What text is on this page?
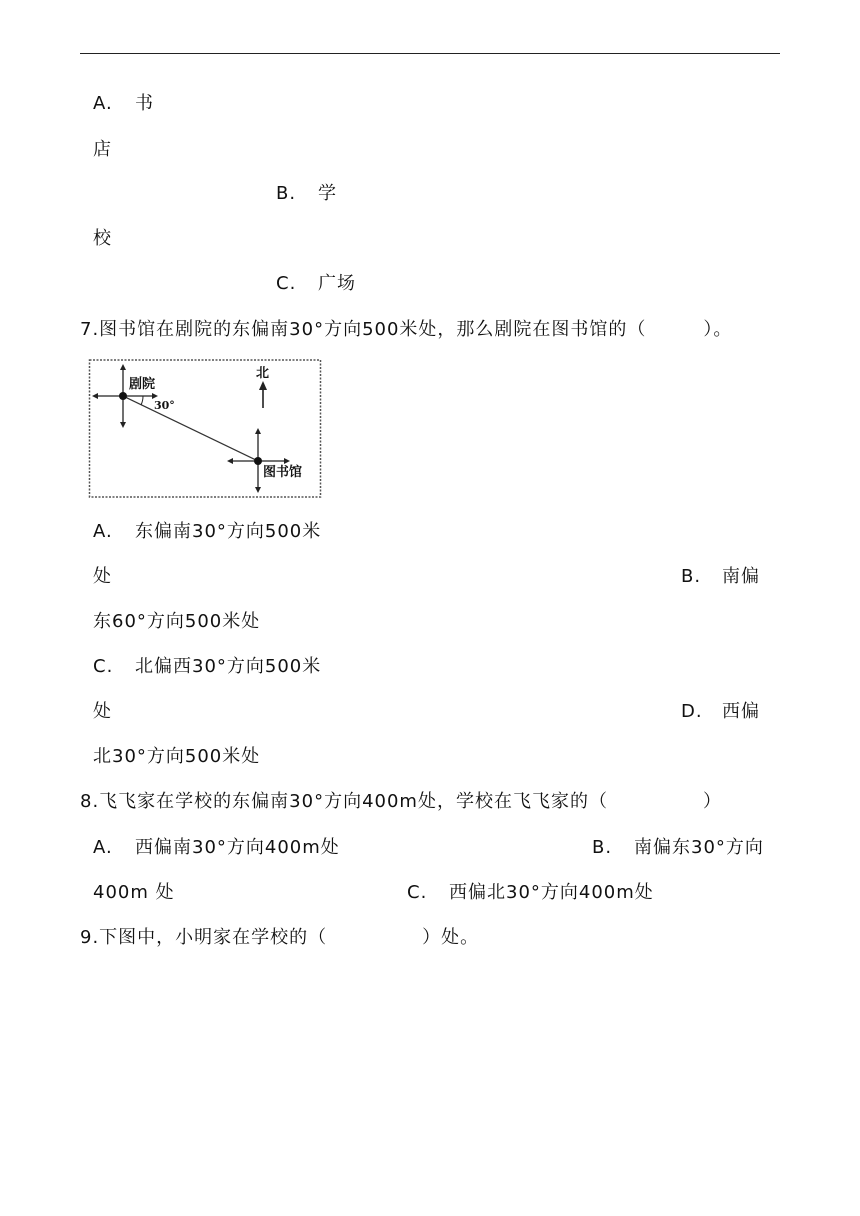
A. 书
店
B. 学
校
C. 广场
7.图书馆在剧院的东偏南30°方向500米处，那么剧院在图书馆的（　　　）。
剧院
30°
北
图书馆
A. 东偏南30°方向500米
处	B. 南偏
东60°方向500米处
C. 北偏西30°方向500米
处	D. 西偏
北30°方向500米处
8.飞飞家在学校的东偏南30°方向400m处，学校在飞飞家的（　　　　　）
A. 西偏南30°方向400m处	B. 南偏东30°方向
400m 处	C. 西偏北30°方向400m处
9.下图中，小明家在学校的（　　　　　）处。
